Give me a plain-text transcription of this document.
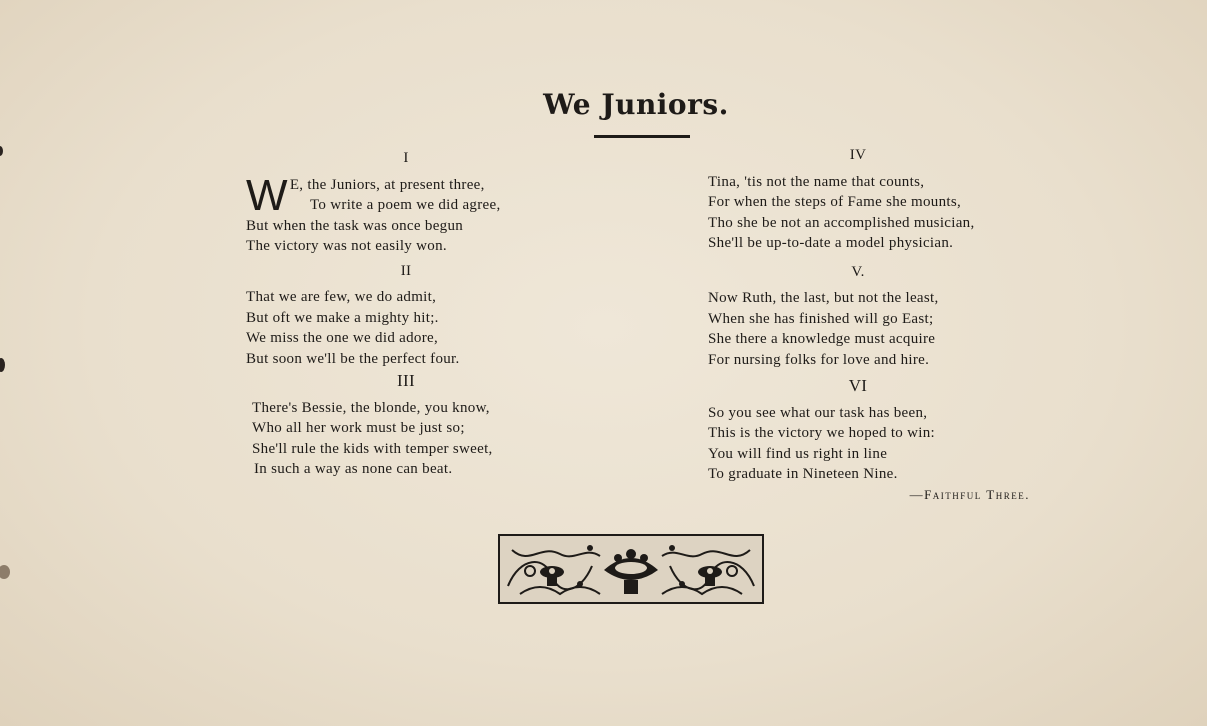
We Juniors.
I
W E, the Juniors, at present three,
To write a poem we did agree,
But when the task was once begun
The victory was not easily won.
II
That we are few, we do admit,
But oft we make a mighty hit;.
We miss the one we did adore,
But soon we'll be the perfect four.
III
There's Bessie, the blonde, you know,
Who all her work must be just so;
She'll rule the kids with temper sweet,
In such a way as none can beat.
IV
Tina, 'tis not the name that counts,
For when the steps of Fame she mounts,
Tho she be not an accomplished musician,
She'll be up-to-date a model physician.
V.
Now Ruth, the last, but not the least,
When she has finished will go East;
She there a knowledge must acquire
For nursing folks for love and hire.
VI
So you see what our task has been,
This is the victory we hoped to win:
You will find us right in line
To graduate in Nineteen Nine.
—Faithful Three.
